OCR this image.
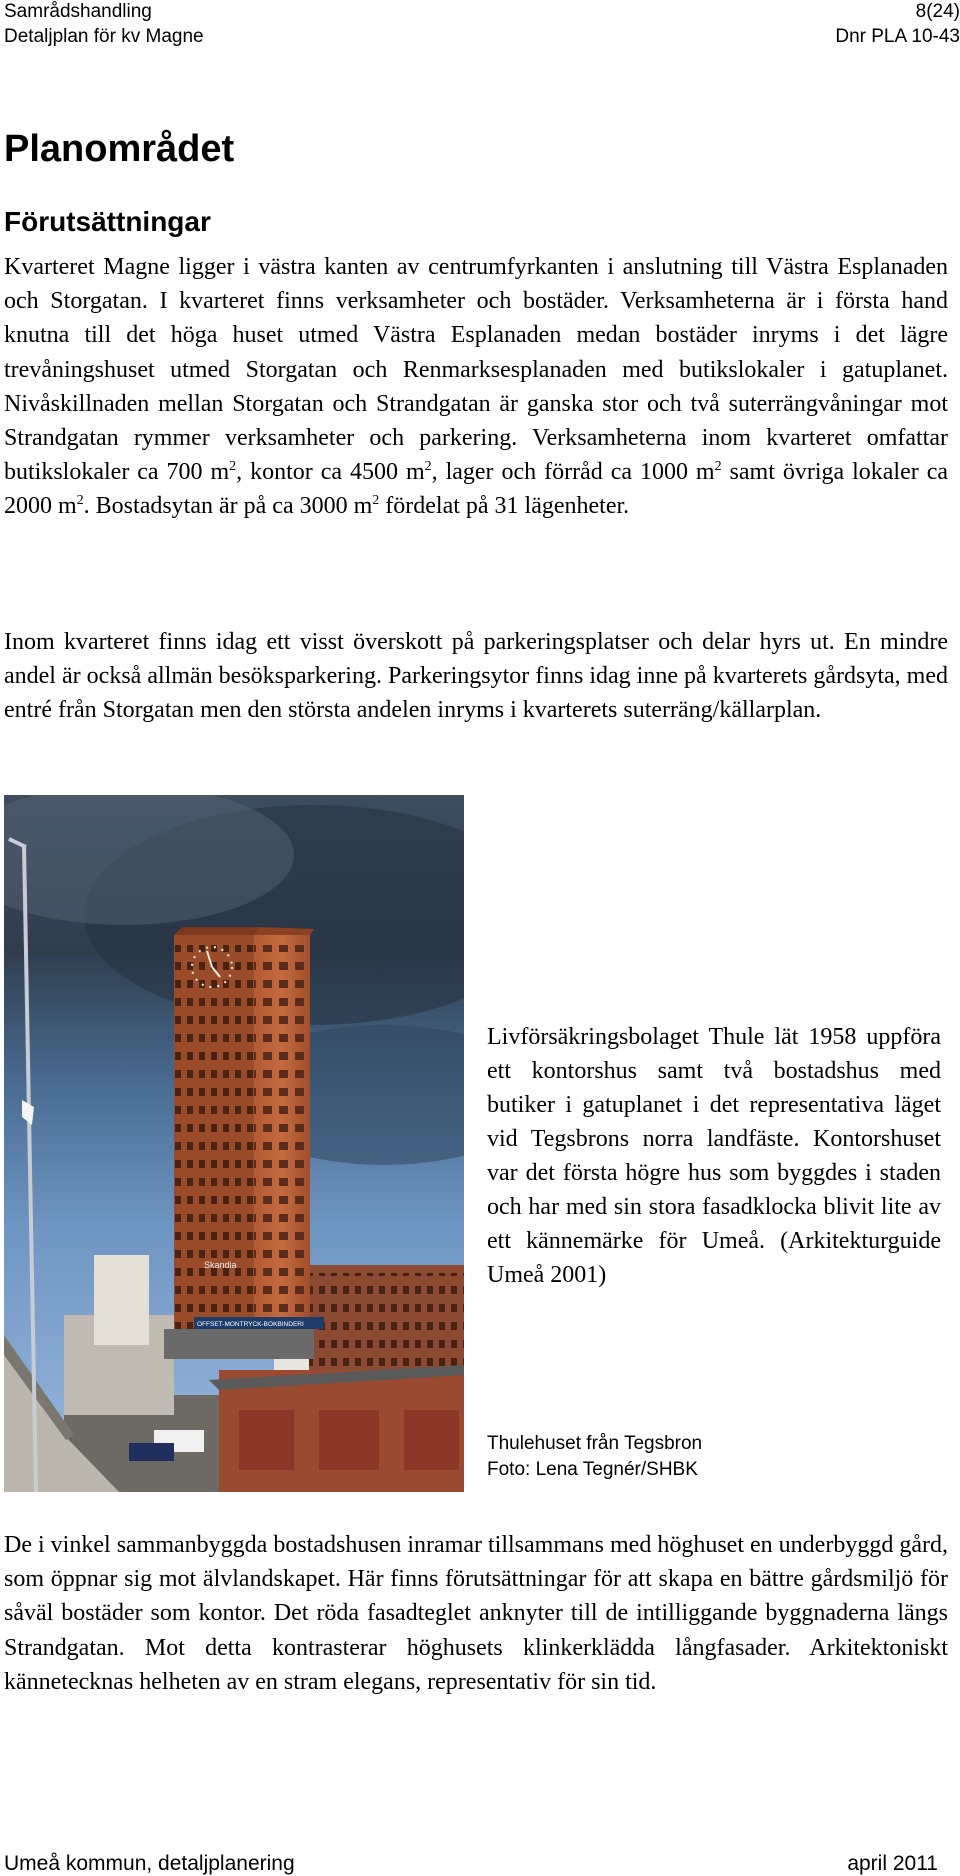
Samrådshandling	8(24)
Detaljplan för kv Magne	Dnr PLA 10-43
Planområdet
Förutsättningar

Kvarteret Magne ligger i västra kanten av centrumfyrkanten i anslutning till Västra Esplanaden och Storgatan. I kvarteret finns verksamheter och bostäder. Verksamheterna är i första hand knutna till det höga huset utmed Västra Esplanaden medan bostäder inryms i det lägre trevåningshuset utmed Storgatan och Renmarksesplanaden med butikslokaler i gatuplanet. Nivåskillnaden mellan Storgatan och Strandgatan är ganska stor och två suterrängvåningar mot Strandgatan rymmer verksamheter och parkering. Verksamheterna inom kvarteret omfattar butikslokaler ca 700 $m^2$, kontor ca 4500 $m^2$, lager och förråd ca 1000 $m^2$ samt övriga lokaler ca 2000 $m^2$. Bostadsytan är på ca 3000 $m^2$ fördelat på 31 lägenheter.

Inom kvarteret finns idag ett visst överskott på parkeringsplatser och delar hyrs ut. En mindre andel är också allmän besöksparkering. Parkeringsytor finns idag inne på kvarterets gårdsyta, med entré från Storgatan men den största andelen inryms i kvarterets suterräng/källarplan.

Skandia
OFFSET-MONTRYCK-BOKBINDERI

Livförsäkringsbolaget Thule lät 1958 uppföra ett kontorshus samt två bostadshus med butiker i gatuplanet i det representativa läget vid Tegsbrons norra landfäste. Kontorshuset var det första högre hus som byggdes i staden och har med sin stora fasadklocka blivit lite av ett kännemärke för Umeå. (Arkitekturguide Umeå 2001)

Thulehuset från Tegsbron
Foto: Lena Tegnér/SHBK

De i vinkel sammanbyggda bostadshusen inramar tillsammans med höghuset en underbyggd gård, som öppnar sig mot älvlandskapet. Här finns förutsättningar för att skapa en bättre gårdsmiljö för såväl bostäder som kontor. Det röda fasadteglet anknyter till de intilliggande byggnaderna längs Strandgatan. Mot detta kontrasterar höghusets klinkerklädda långfasader. Arkitektoniskt kännetecknas helheten av en stram elegans, representativ för sin tid.

Umeå kommun, detaljplanering	april 2011
